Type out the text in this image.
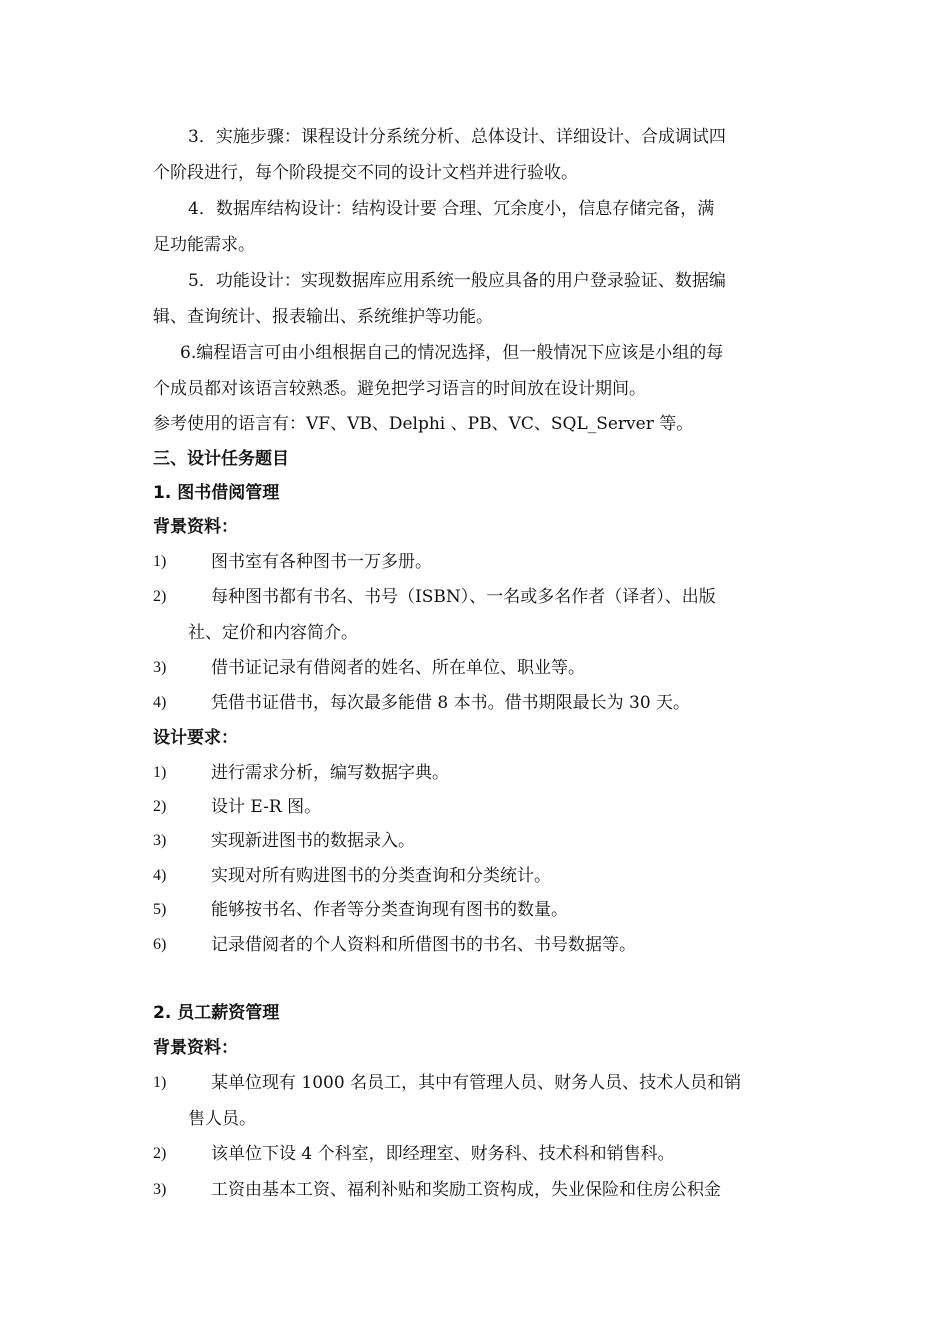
3．实施步骤：课程设计分系统分析、总体设计、详细设计、合成调试四
个阶段进行，每个阶段提交不同的设计文档并进行验收。
4．数据库结构设计：结构设计要 合理、冗余度小，信息存储完备，满
足功能需求。
5．功能设计：实现数据库应用系统一般应具备的用户登录验证、数据编
辑、查询统计、报表输出、系统维护等功能。
6.编程语言可由小组根据自己的情况选择，但一般情况下应该是小组的每
个成员都对该语言较熟悉。避免把学习语言的时间放在设计期间。
参考使用的语言有：VF、VB、Delphi 、PB、VC、SQL_Server 等。
三、设计任务题目
1. 图书借阅管理
背景资料：
1)	图书室有各种图书一万多册。
2)	每种图书都有书名、书号（ISBN）、一名或多名作者（译者）、出版
社、定价和内容简介。
3)	借书证记录有借阅者的姓名、所在单位、职业等。
4)	凭借书证借书，每次最多能借 8 本书。借书期限最长为 30 天。
设计要求：
1)	进行需求分析，编写数据字典。
2)	设计 E-R 图。
3)	实现新进图书的数据录入。
4)	实现对所有购进图书的分类查询和分类统计。
5)	能够按书名、作者等分类查询现有图书的数量。
6)	记录借阅者的个人资料和所借图书的书名、书号数据等。
2. 员工薪资管理
背景资料：
1)	某单位现有 1000 名员工，其中有管理人员、财务人员、技术人员和销
售人员。
2)	该单位下设 4 个科室，即经理室、财务科、技术科和销售科。
3)	工资由基本工资、福利补贴和奖励工资构成，失业保险和住房公积金
